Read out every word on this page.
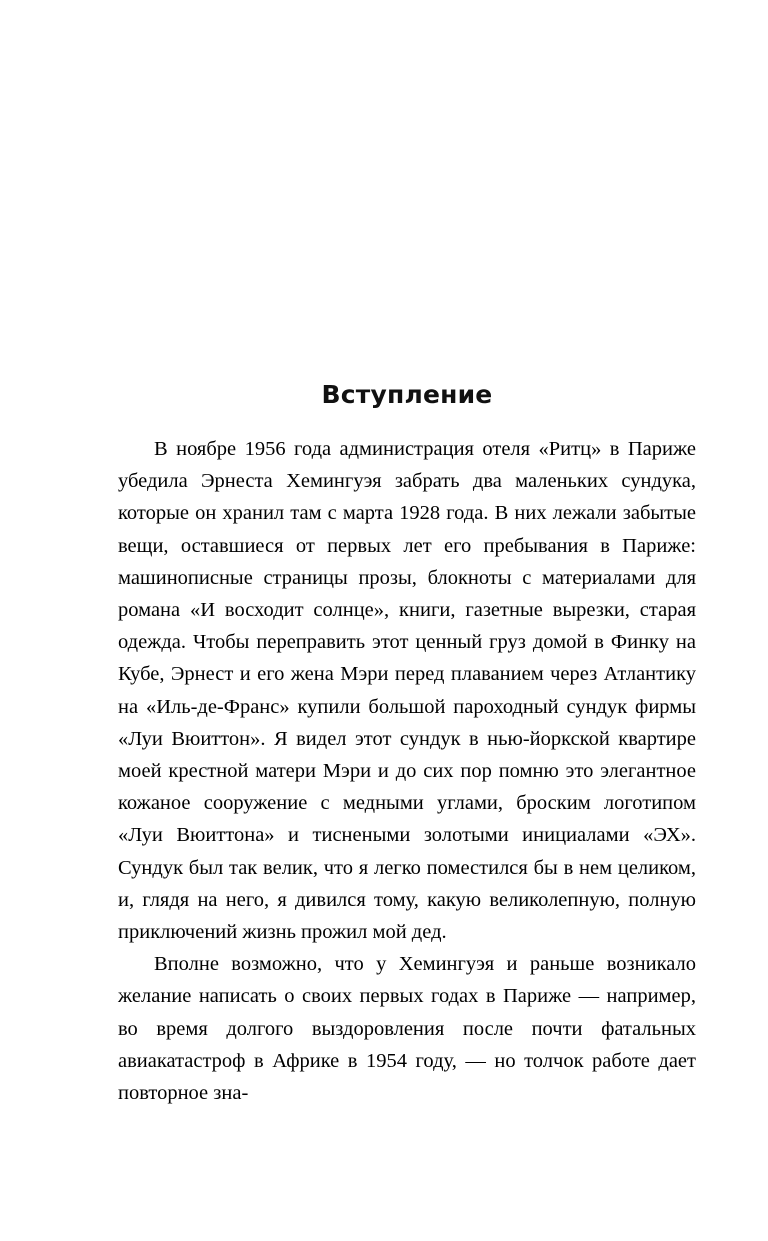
Вступление

В ноябре 1956 года администрация отеля «Ритц» в Париже убедила Эрнеста Хемингуэя забрать два маленьких сундука, которые он хранил там с марта 1928 года. В них лежали забытые вещи, оставшиеся от первых лет его пребывания в Париже: машинописные страницы прозы, блокноты с материалами для романа «И восходит солнце», книги, газетные вырезки, старая одежда. Чтобы переправить этот ценный груз домой в Финку на Кубе, Эрнест и его жена Мэри перед плаванием через Атлантику на «Иль-де-Франс» купили большой пароходный сундук фирмы «Луи Вюиттон». Я видел этот сундук в нью-йоркской квартире моей крестной матери Мэри и до сих пор помню это элегантное кожаное сооружение с медными углами, броским логотипом «Луи Вюиттона» и тиснеными золотыми инициалами «ЭХ». Сундук был так велик, что я легко поместился бы в нем целиком, и, глядя на него, я дивился тому, какую великолепную, полную приключений жизнь прожил мой дед.

Вполне возможно, что у Хемингуэя и раньше возникало желание написать о своих первых годах в Париже — например, во время долгого выздоровления после почти фатальных авиакатастроф в Африке в 1954 году, — но толчок работе дает повторное зна-
